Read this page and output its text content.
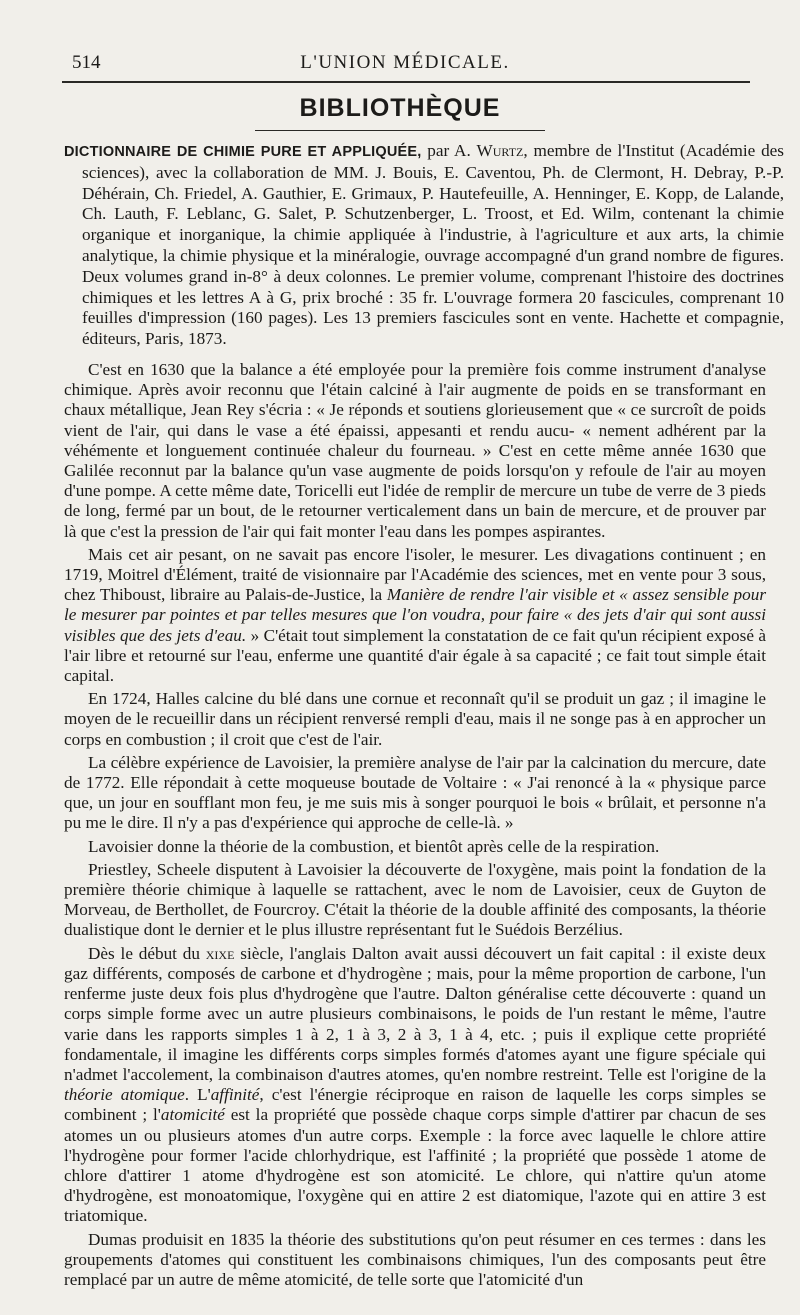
514	L'UNION MÉDICALE.
BIBLIOTHÈQUE
DICTIONNAIRE DE CHIMIE PURE ET APPLIQUÉE, par A. Wurtz, membre de l'Institut (Académie des sciences), avec la collaboration de MM. J. Bouis, E. Caventou, Ph. de Clermont, H. Debray, P.-P. Déhérain, Ch. Friedel, A. Gauthier, E. Grimaux, P. Hautefeuille, A. Henninger, E. Kopp, de Lalande, Ch. Lauth, F. Leblanc, G. Salet, P. Schutzenberger, L. Troost, et Ed. Wilm, contenant la chimie organique et inorganique, la chimie appliquée à l'industrie, à l'agriculture et aux arts, la chimie analytique, la chimie physique et la minéralogie, ouvrage accompagné d'un grand nombre de figures. Deux volumes grand in-8° à deux colonnes. Le premier volume, comprenant l'histoire des doctrines chimiques et les lettres A à G, prix broché : 35 fr. L'ouvrage formera 20 fascicules, comprenant 10 feuilles d'impression (160 pages). Les 13 premiers fascicules sont en vente. Hachette et compagnie, éditeurs, Paris, 1873.

C'est en 1630 que la balance a été employée pour la première fois comme instrument d'analyse chimique. Après avoir reconnu que l'étain calciné à l'air augmente de poids en se transformant en chaux métallique, Jean Rey s'écria : « Je réponds et soutiens glorieusement que « ce surcroît de poids vient de l'air, qui dans le vase a été épaissi, appesanti et rendu aucu- « nement adhérent par la véhémente et longuement continuée chaleur du fourneau. » C'est en cette même année 1630 que Galilée reconnut par la balance qu'un vase augmente de poids lorsqu'on y refoule de l'air au moyen d'une pompe. A cette même date, Toricelli eut l'idée de remplir de mercure un tube de verre de 3 pieds de long, fermé par un bout, de le retourner verticalement dans un bain de mercure, et de prouver par là que c'est la pression de l'air qui fait monter l'eau dans les pompes aspirantes.

Mais cet air pesant, on ne savait pas encore l'isoler, le mesurer. Les divagations continuent ; en 1719, Moitrel d'Élément, traité de visionnaire par l'Académie des sciences, met en vente pour 3 sous, chez Thiboust, libraire au Palais-de-Justice, la Manière de rendre l'air visible et « assez sensible pour le mesurer par pointes et par telles mesures que l'on voudra, pour faire « des jets d'air qui sont aussi visibles que des jets d'eau. » C'était tout simplement la constatation de ce fait qu'un récipient exposé à l'air libre et retourné sur l'eau, enferme une quantité d'air égale à sa capacité ; ce fait tout simple était capital.

En 1724, Halles calcine du blé dans une cornue et reconnaît qu'il se produit un gaz ; il imagine le moyen de le recueillir dans un récipient renversé rempli d'eau, mais il ne songe pas à en approcher un corps en combustion ; il croit que c'est de l'air.

La célèbre expérience de Lavoisier, la première analyse de l'air par la calcination du mercure, date de 1772. Elle répondait à cette moqueuse boutade de Voltaire : « J'ai renoncé à la « physique parce que, un jour en soufflant mon feu, je me suis mis à songer pourquoi le bois « brûlait, et personne n'a pu me le dire. Il n'y a pas d'expérience qui approche de celle-là. »

Lavoisier donne la théorie de la combustion, et bientôt après celle de la respiration.

Priestley, Scheele disputent à Lavoisier la découverte de l'oxygène, mais point la fondation de la première théorie chimique à laquelle se rattachent, avec le nom de Lavoisier, ceux de Guyton de Morveau, de Berthollet, de Fourcroy. C'était la théorie de la double affinité des composants, la théorie dualistique dont le dernier et le plus illustre représentant fut le Suédois Berzélius.

Dès le début du xixe siècle, l'anglais Dalton avait aussi découvert un fait capital : il existe deux gaz différents, composés de carbone et d'hydrogène ; mais, pour la même proportion de carbone, l'un renferme juste deux fois plus d'hydrogène que l'autre. Dalton généralise cette découverte : quand un corps simple forme avec un autre plusieurs combinaisons, le poids de l'un restant le même, l'autre varie dans les rapports simples 1 à 2, 1 à 3, 2 à 3, 1 à 4, etc. ; puis il explique cette propriété fondamentale, il imagine les différents corps simples formés d'atomes ayant une figure spéciale qui n'admet l'accolement, la combinaison d'autres atomes, qu'en nombre restreint. Telle est l'origine de la théorie atomique. L'affinité, c'est l'énergie réciproque en raison de laquelle les corps simples se combinent ; l'atomicité est la propriété que possède chaque corps simple d'attirer par chacun de ses atomes un ou plusieurs atomes d'un autre corps. Exemple : la force avec laquelle le chlore attire l'hydrogène pour former l'acide chlorhydrique, est l'affinité ; la propriété que possède 1 atome de chlore d'attirer 1 atome d'hydrogène est son atomicité. Le chlore, qui n'attire qu'un atome d'hydrogène, est monoatomique, l'oxygène qui en attire 2 est diatomique, l'azote qui en attire 3 est triatomique.

Dumas produisit en 1835 la théorie des substitutions qu'on peut résumer en ces termes : dans les groupements d'atomes qui constituent les combinaisons chimiques, l'un des composants peut être remplacé par un autre de même atomicité, de telle sorte que l'atomicité d'un
